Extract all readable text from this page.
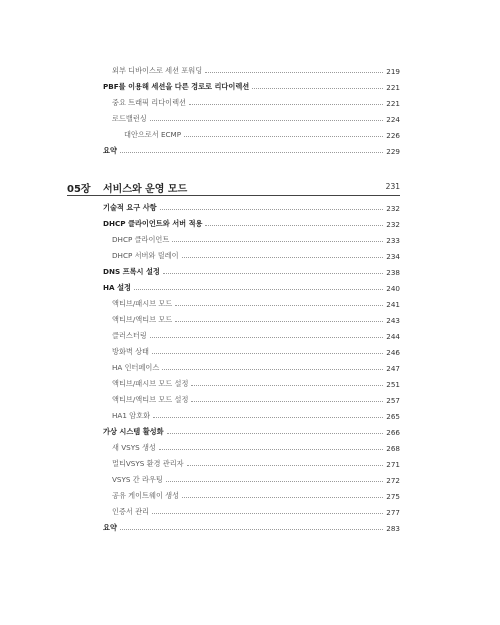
외부 디바이스로 세션 포워딩	219
PBF를 이용해 세션을 다른 경로로 리다이렉션	221
중요 트래픽 리다이렉션	221
로드밸런싱	224
대안으로서 ECMP	226
요약	229
05장 서비스와 운영 모드	231
기술적 요구 사항	232
DHCP 클라이언트와 서버 적용	232
DHCP 클라이언트	233
DHCP 서버와 릴레이	234
DNS 프록시 설정	238
HA 설정	240
액티브/패시브 모드	241
액티브/액티브 모드	243
클러스터링	244
방화벽 상태	246
HA 인터페이스	247
액티브/패시브 모드 설정	251
액티브/액티브 모드 설정	257
HA1 암호화	265
가상 시스템 활성화	266
새 VSYS 생성	268
멀티VSYS 환경 관리자	271
VSYS 간 라우팅	272
공유 게이트웨이 생성	275
인증서 관리	277
요약	283
